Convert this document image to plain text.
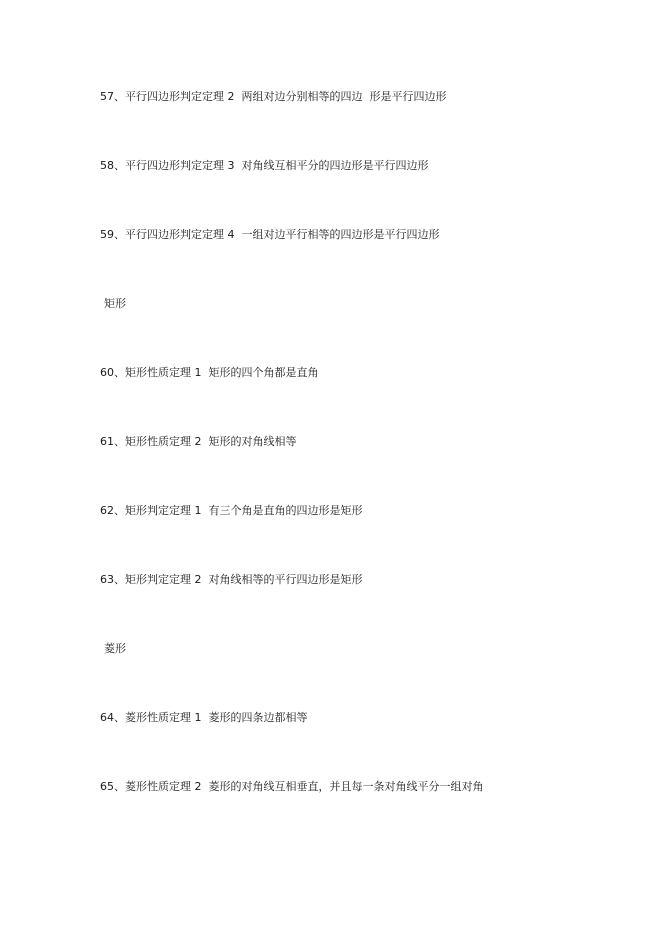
57、平行四边形判定定理 2  两组对边分别相等的四边  形是平行四边形
58、平行四边形判定定理 3  对角线互相平分的四边形是平行四边形
59、平行四边形判定定理 4  一组对边平行相等的四边形是平行四边形
矩形
60、矩形性质定理 1  矩形的四个角都是直角
61、矩形性质定理 2  矩形的对角线相等
62、矩形判定定理 1  有三个角是直角的四边形是矩形
63、矩形判定定理 2  对角线相等的平行四边形是矩形
菱形
64、菱形性质定理 1  菱形的四条边都相等
65、菱形性质定理 2  菱形的对角线互相垂直，并且每一条对角线平分一组对角
